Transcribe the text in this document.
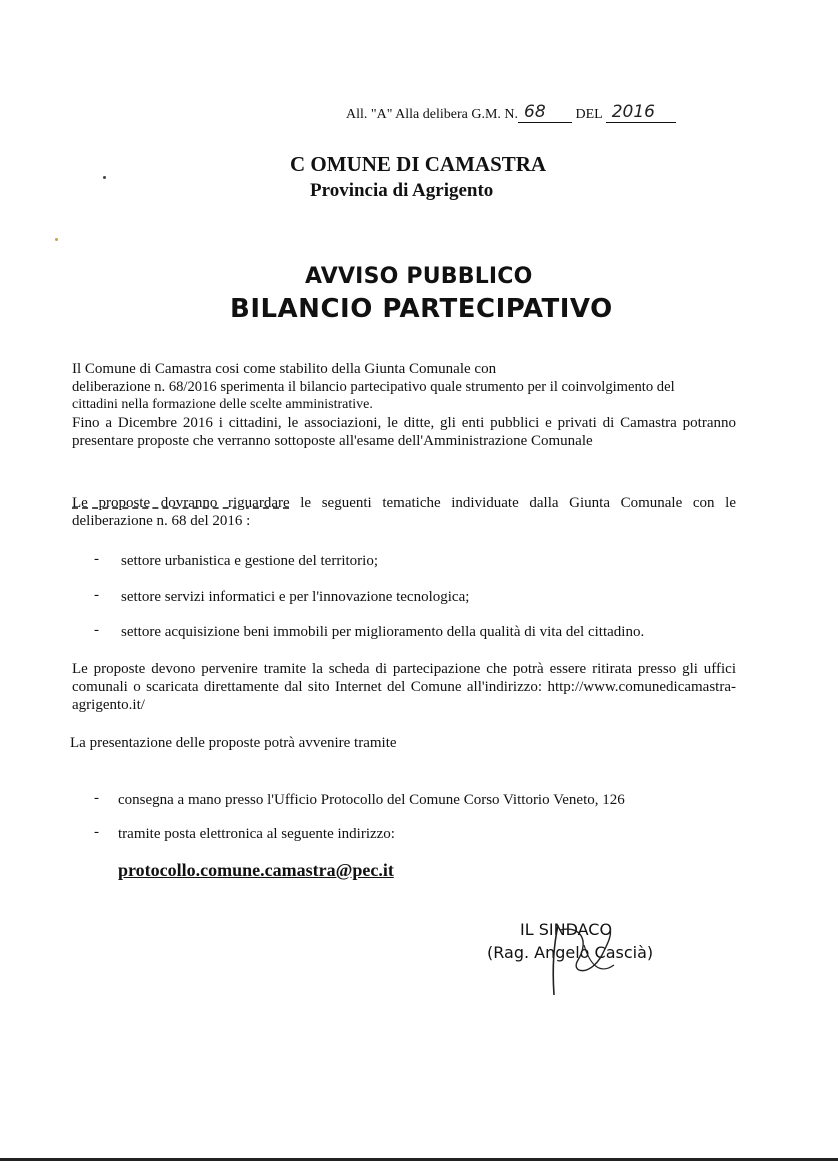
All. "A" Alla delibera G.M. N. 68 DEL 2016
C OMUNE DI CAMASTRA
Provincia di Agrigento
AVVISO PUBBLICO
BILANCIO PARTECIPATIVO
Il Comune di Camastra cosi come stabilito della Giunta Comunale con
deliberazione n. 68/2016 sperimenta il bilancio partecipativo quale strumento per il coinvolgimento del
cittadini nella formazione delle scelte amministrative.
Fino a Dicembre 2016 i cittadini, le associazioni, le ditte, gli enti pubblici e privati di Camastra potranno presentare proposte che verranno sottoposte all'esame dell'Amministrazione Comunale
Le proposte dovranno riguardare le seguenti tematiche individuate dalla Giunta Comunale con le deliberazione n. 68 del 2016 :
- settore urbanistica e gestione del territorio;
- settore servizi informatici e per l'innovazione tecnologica;
- settore acquisizione beni immobili per miglioramento della qualità di vita del cittadino.
Le proposte devono pervenire tramite la scheda di partecipazione che potrà essere ritirata presso gli uffici comunali o scaricata direttamente dal sito Internet del Comune all'indirizzo: http://www.comunedicamastra-agrigento.it/
La presentazione delle proposte potrà avvenire tramite
- consegna a mano presso l'Ufficio Protocollo del Comune Corso Vittorio Veneto, 126
- tramite posta elettronica al seguente indirizzo:
protocollo.comune.camastra@pec.it
IL SINDACO
(Rag. Angelo Cascià)
